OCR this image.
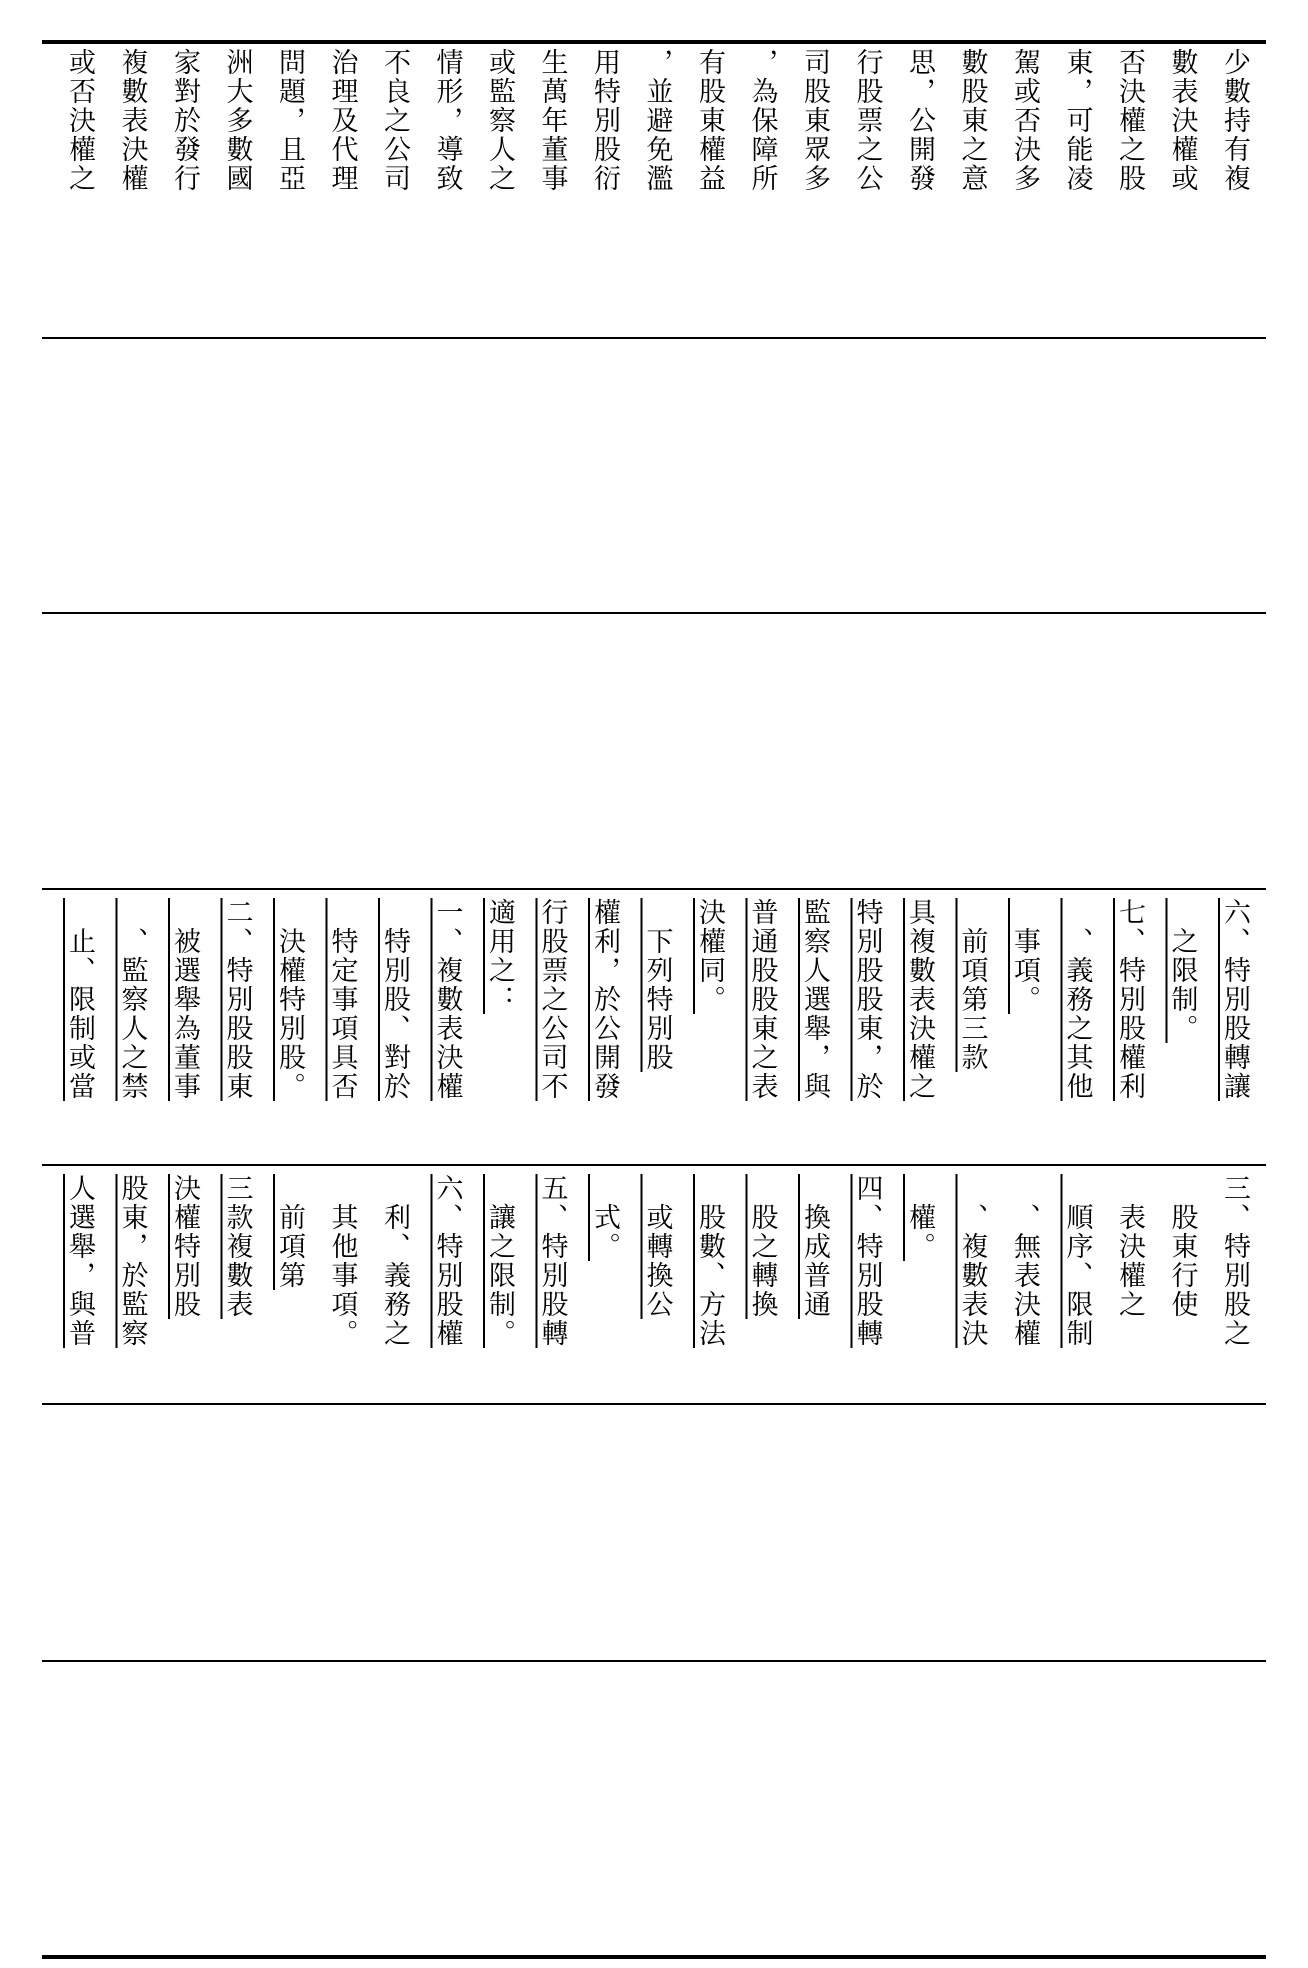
少數持有複
數表決權或
否決權之股
東，可能凌
駕或否決多
數股東之意
思，公開發
行股票之公
司股東眾多
，為保障所
有股東權益
，並避免濫
用特別股衍
生萬年董事
或監察人之
情形，導致
不良之公司
治理及代理
問題，且亞
洲大多數國
家對於發行
複數表決權
或否決權之
六、特別股轉讓
　之限制。
七、特別股權利
　、義務之其他
　事項。
　前項第三款
具複數表決權之
特別股股東，於
監察人選舉，與
普通股股東之表
決權同。
　下列特別股
權利，於公開發
行股票之公司不
適用之：
一、複數表決權
　特別股、對於
　特定事項具否
　決權特別股。
二、特別股股東
　被選舉為董事
　、監察人之禁
　止、限制或當
三、特別股之
　股東行使
　表決權之
　順序、限制
　、無表決權
　、複數表決
　權。
四、特別股轉
　換成普通
　股之轉換
　股數、方法
　或轉換公
　式。
五、特別股轉
　讓之限制。
六、特別股權
　利、義務之
　其他事項。
　前項第
三款複數表
決權特別股
股東，於監察
人選舉，與普
